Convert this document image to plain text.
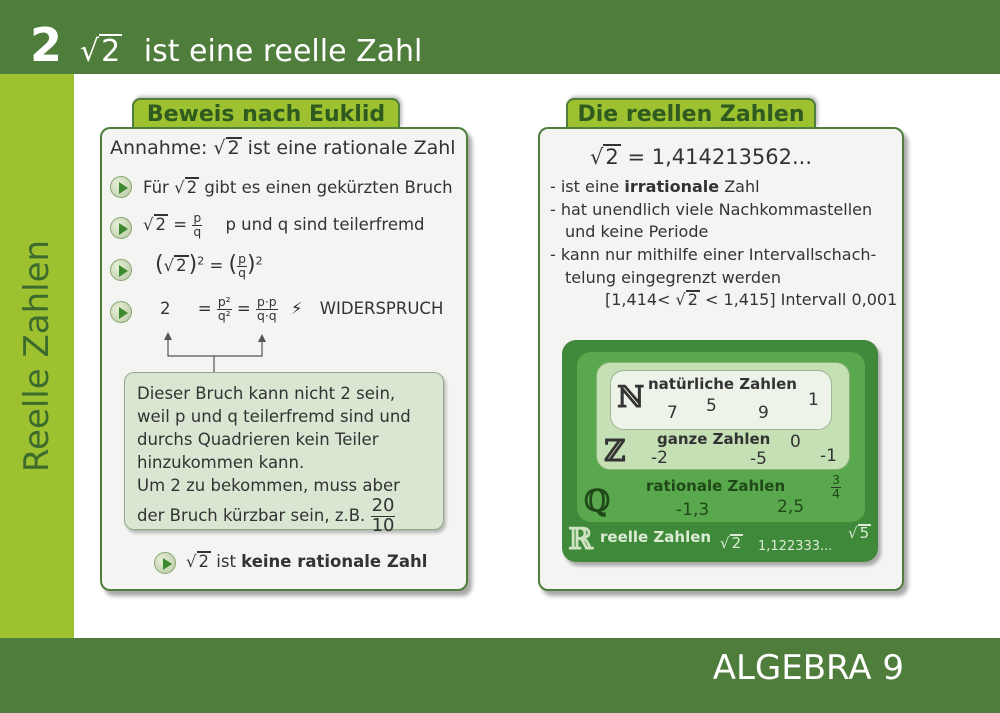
2 √2 ist eine reelle Zahl
Reelle Zahlen
ALGEBRA 9
Beweis nach Euklid
Annahme: √ 2 ist eine rationale Zahl
Für √ 2 gibt es einen gekürzten Bruch
√ $2 = \frac{p}{q}$ p und q sind teilerfremd
(√ 2)$^2$ = ( $\frac{p}{q} )^2$
$2 = \frac{\text{p²}}{\text{q²}} = \frac{p\cdot p}{q\cdot q}$ ⚡ WIDERSPRUCH
Dieser Bruch kann nicht 2 sein,
weil p und q teilerfremd sind und
durchs Quadrieren kein Teiler
hinzukommen kann.
Um 2 zu bekommen, muss aber
der Bruch kürzbar sein, z.B. $\frac{20}{10}$
√ 2 ist keine rationale Zahl
Die reellen Zahlen
√2 = 1,414213562...
- ist eine irrationale Zahl
- hat unendlich viele Nachkommastellen
und keine Periode
- kann nur mithilfe einer Intervallschach-
telung eingegrenzt werden
[1,414< √ 2 < 1,415] Intervall 0,001
ℕ natürliche Zahlen
7 5 9
1
ℤ ganze Zahlen 0
-2	-5	-1
ℚ rationale Zahlen
-1,3	2,5
$\frac{3}{4}$
ℝ reelle Zahlen √ 2 1,122333...
√ 5
